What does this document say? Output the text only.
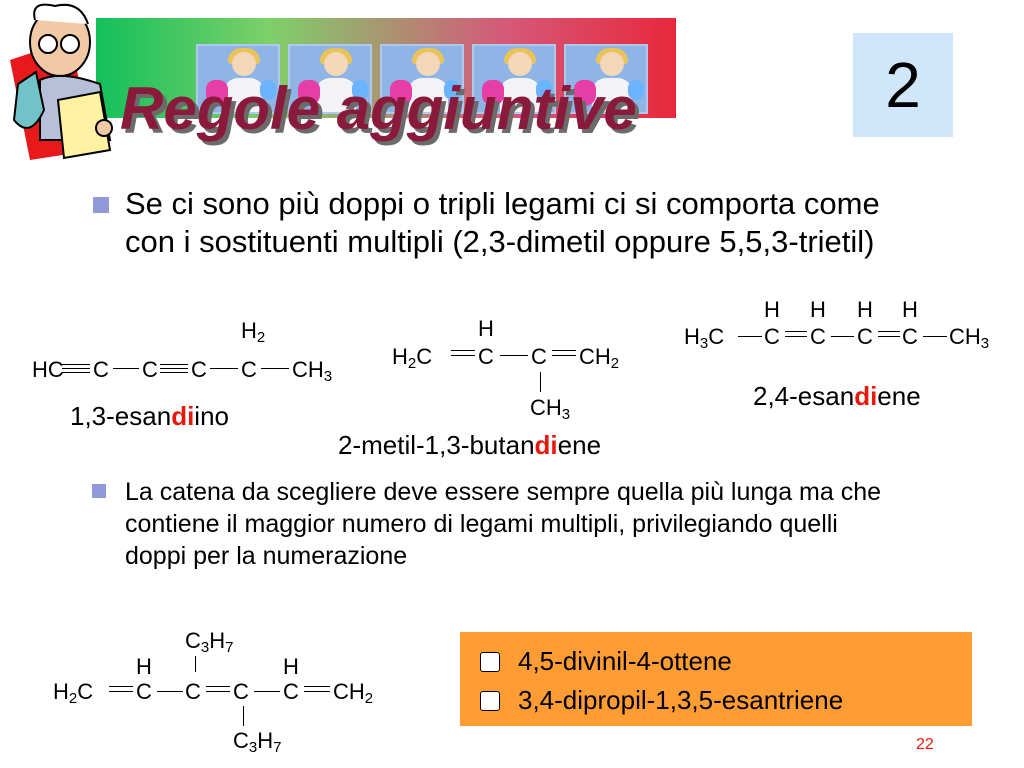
Regole aggiuntive	2
Se ci sono più doppi o tripli legami ci si comporta come con i sostituenti multipli (2,3-dimetil oppure 5,5,3-trietil)
$H_2$
HC C C C C $CH_3$
1,3-esandiino
H
$H_2C$ C C $CH_2$
$CH_3$
2-metil-1,3-butandiene
H H H H
$H_3C$ C C C C $CH_3$
2,4-esandiene
La catena da scegliere deve essere sempre quella più lunga ma che contiene il maggior numero di legami multipli, privilegiando quelli doppi per la numerazione
$C_3H_7$
H	H
$H_2C$ C C C C $CH_2$
$C_3H_7$
4,5-divinil-4-ottene
3,4-dipropil-1,3,5-esantriene
22
